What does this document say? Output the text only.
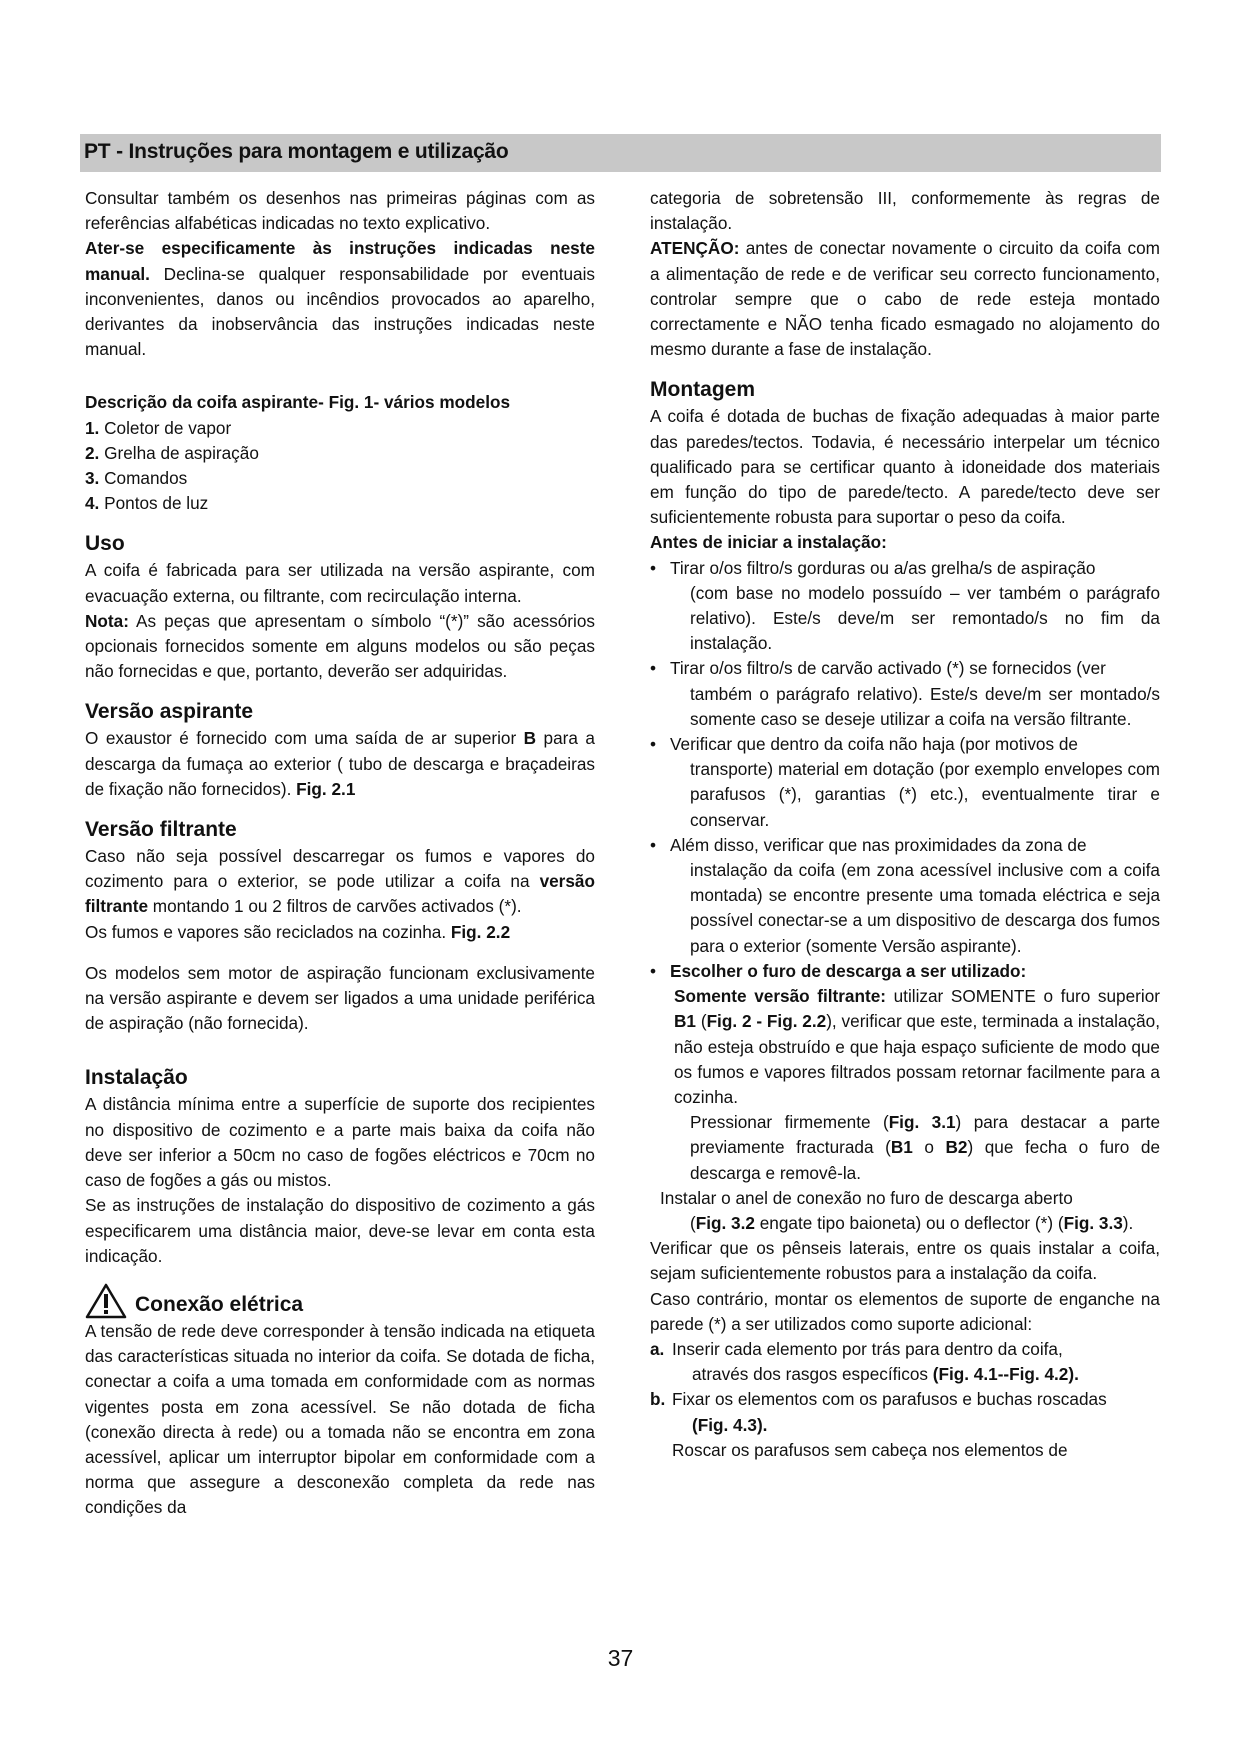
PT - Instruções para montagem e utilização

Consultar também os desenhos nas primeiras páginas com as referências alfabéticas indicadas no texto explicativo.

Ater-se especificamente às instruções indicadas neste manual. Declina-se qualquer responsabilidade por eventuais inconvenientes, danos ou incêndios provocados ao aparelho, derivantes da inobservância das instruções indicadas neste manual.

Descrição da coifa aspirante- Fig. 1- vários modelos

1. Coletor de vapor

2. Grelha de aspiração

3. Comandos

4. Pontos de luz

Uso

A coifa é fabricada para ser utilizada na versão aspirante, com evacuação externa, ou filtrante, com recirculação interna.

Nota: As peças que apresentam o símbolo “(*)” são acessórios opcionais fornecidos somente em alguns modelos ou são peças não fornecidas e que, portanto, deverão ser adquiridas.

Versão aspirante

O exaustor é fornecido com uma saída de ar superior B para a descarga da fumaça ao exterior ( tubo de descarga e braçadeiras de fixação não fornecidos). Fig. 2.1

Versão filtrante

Caso não seja possível descarregar os fumos e vapores do cozimento para o exterior, se pode utilizar a coifa na versão filtrante montando 1 ou 2 filtros de carvões activados (*).

Os fumos e vapores são reciclados na cozinha. Fig. 2.2

Os modelos sem motor de aspiração funcionam exclusivamente na versão aspirante e devem ser ligados a uma unidade periférica de aspiração (não fornecida).

Instalação

A distância mínima entre a superfície de suporte dos recipientes no dispositivo de cozimento e a parte mais baixa da coifa não deve ser inferior a 50cm no caso de fogões eléctricos e 70cm no caso de fogões a gás ou mistos.

Se as instruções de instalação do dispositivo de cozimento a gás especificarem uma distância maior, deve-se levar em conta esta indicação.

Conexão elétrica

A tensão de rede deve corresponder à tensão indicada na etiqueta das características situada no interior da coifa. Se dotada de ficha, conectar a coifa a uma tomada em conformidade com as normas vigentes posta em zona acessível. Se não dotada de ficha (conexão directa à rede) ou a tomada não se encontra em zona acessível, aplicar um interruptor bipolar em conformidade com a norma que assegure a desconexão completa da rede nas condições da

categoria de sobretensão III, conformemente às regras de instalação.

ATENÇÃO: antes de conectar novamente o circuito da coifa com a alimentação de rede e de verificar seu correcto funcionamento, controlar sempre que o cabo de rede esteja montado correctamente e NÃO tenha ficado esmagado no alojamento do mesmo durante a fase de instalação.

Montagem

A coifa é dotada de buchas de fixação adequadas à maior parte das paredes/tectos. Todavia, é necessário interpelar um técnico qualificado para se certificar quanto à idoneidade dos materiais em função do tipo de parede/tecto. A parede/tecto deve ser suficientemente robusta para suportar o peso da coifa.

Antes de iniciar a instalação:

• Tirar o/os filtro/s gorduras ou a/as grelha/s de aspiração
(com base no modelo possuído – ver também o parágrafo relativo). Este/s deve/m ser remontado/s no fim da instalação.
• Tirar o/os filtro/s de carvão activado (*) se fornecidos (ver
também o parágrafo relativo). Este/s deve/m ser montado/s somente caso se deseje utilizar a coifa na versão filtrante.
• Verificar que dentro da coifa não haja (por motivos de
transporte) material em dotação (por exemplo envelopes com parafusos (*), garantias (*) etc.), eventualmente tirar e conservar.
• Além disso, verificar que nas proximidades da zona de
instalação da coifa (em zona acessível inclusive com a coifa montada) se encontre presente uma tomada eléctrica e seja possível conectar-se a um dispositivo de descarga dos fumos para o exterior (somente Versão aspirante).
• Escolher o furo de descarga a ser utilizado:

Somente versão filtrante: utilizar SOMENTE o furo superior B1 (Fig. 2 - Fig. 2.2), verificar que este, terminada a instalação, não esteja obstruído e que haja espaço suficiente de modo que os fumos e vapores filtrados possam retornar facilmente para a cozinha.

Pressionar firmemente (Fig. 3.1) para destacar a parte previamente fracturada (B1 o B2) que fecha o furo de descarga e removê-la.

Instalar o anel de conexão no furo de descarga aberto

(Fig. 3.2 engate tipo baioneta) ou o deflector (*) (Fig. 3.3).

Verificar que os pênseis laterais, entre os quais instalar a coifa, sejam suficientemente robustos para a instalação da coifa.

Caso contrário, montar os elementos de suporte de enganche na parede (*) a ser utilizados como suporte adicional:

a. Inserir cada elemento por trás para dentro da coifa,
através dos rasgos específicos (Fig. 4.1--Fig. 4.2).
b. Fixar os elementos com os parafusos e buchas roscadas
(Fig. 4.3).

Roscar os parafusos sem cabeça nos elementos de

37
